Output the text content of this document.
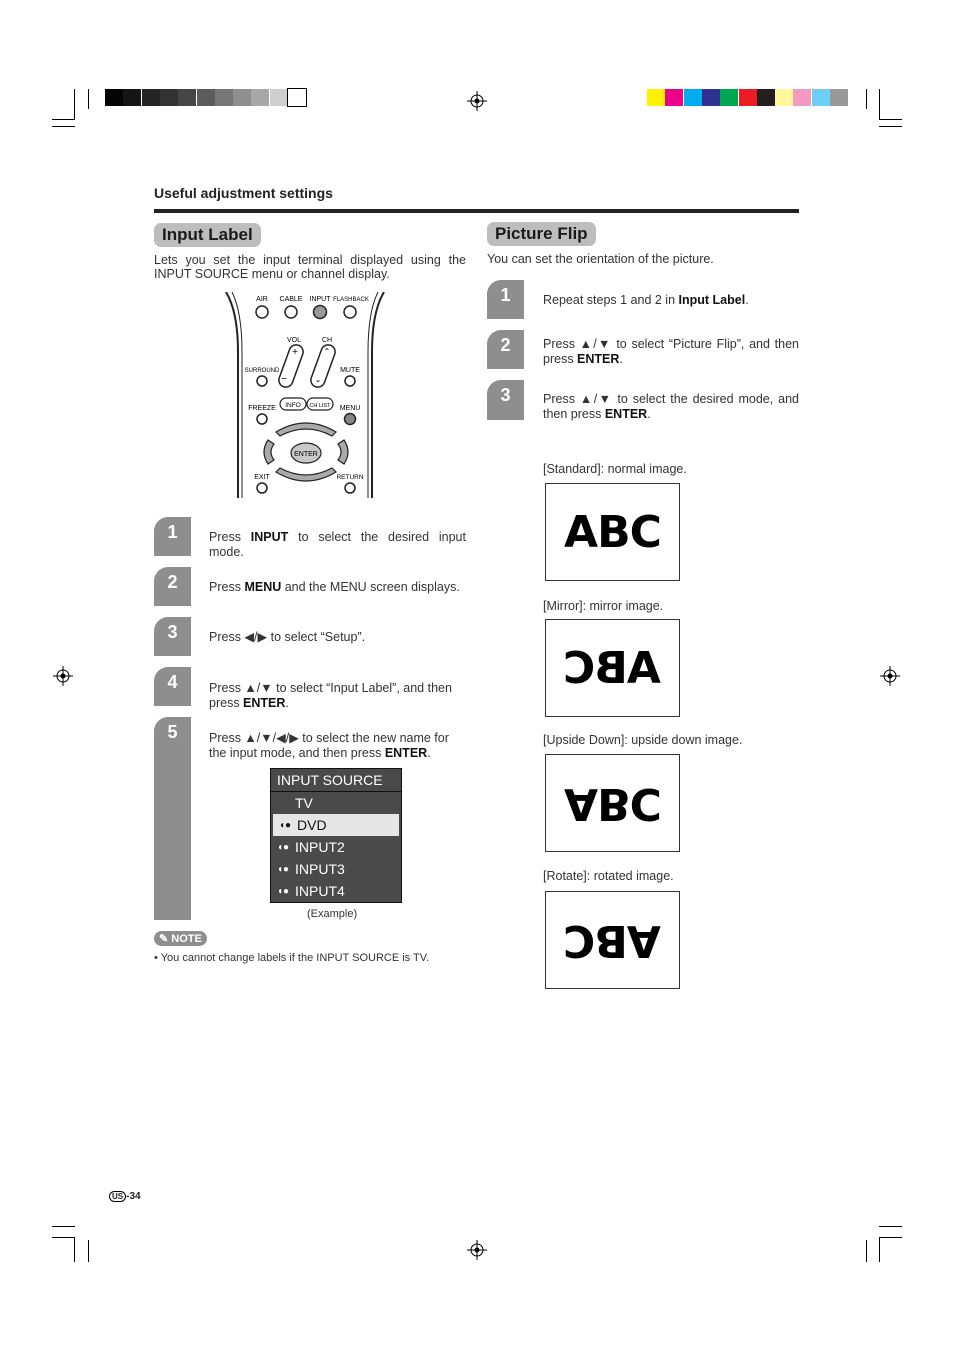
Useful adjustment settings
Input Label
Lets you set the input terminal displayed using the INPUT SOURCE menu or channel display.
AIR CABLE INPUT FLASHBACK
VOL	CH
+
−
⌃
⌄
SURROUND	MUTE
FREEZE	MENU
INFO CH LIST
ENTER
EXIT	RETURN
1	Press INPUT to select the desired input mode.
2	Press MENU and the MENU screen displays.
3	Press ◀/▶ to select “Setup”.
4	Press ▲/▼ to select “Input Label”, and then press ENTER.
5	Press ▲/▼/◀/▶ to select the new name for the input mode, and then press ENTER.
INPUT SOURCE
TV
◖● DVD
◖● INPUT2
◖● INPUT3
◖● INPUT4
(Example)
✎ NOTE
• You cannot change labels if the INPUT SOURCE is TV.
Picture Flip
You can set the orientation of the picture.
1	Repeat steps 1 and 2 in Input Label.
2	Press ▲/▼ to select “Picture Flip”, and then press ENTER.
3	Press ▲/▼ to select the desired mode, and then press ENTER.
[Standard]: normal image.
ABC
[Mirror]: mirror image.
ABC
[Upside Down]: upside down image.
ABC
[Rotate]: rotated image.
ABC
US -34
